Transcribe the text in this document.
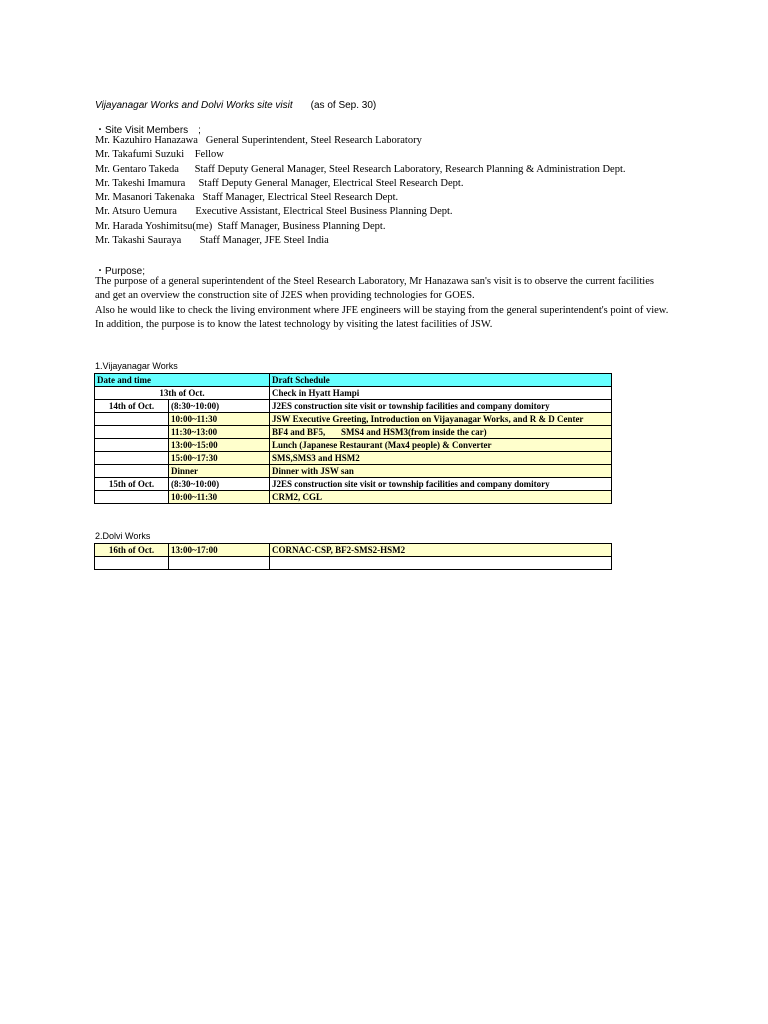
Vijayanagar Works and Dolvi Works site visit (as of Sep. 30)
・Site Visit Members　;
Mr. Kazuhiro Hanazawa   General Superintendent, Steel Research Laboratory
Mr. Takafumi Suzuki    Fellow
Mr. Gentaro Takeda      Staff Deputy General Manager, Steel Research Laboratory, Research Planning & Administration Dept.
Mr. Takeshi Imamura     Staff Deputy General Manager, Electrical Steel Research Dept.
Mr. Masanori Takenaka   Staff Manager, Electrical Steel Research Dept.
Mr. Atsuro Uemura       Executive Assistant, Electrical Steel Business Planning Dept.
Mr. Harada Yoshimitsu(me)  Staff Manager, Business Planning Dept.
Mr. Takashi Sauraya       Staff Manager, JFE Steel India
・Purpose;
The purpose of a general superintendent of the Steel Research Laboratory, Mr Hanazawa san's visit is to observe the current facilities
and get an overview the construction site of J2ES when providing technologies for GOES.
Also he would like to check the living environment where JFE engineers will be staying from the general superintendent's point of view.
In addition, the purpose is to know the latest technology by visiting the latest facilities of JSW.
1.Vijayanagar Works
Date and time		Draft Schedule
13th of Oct.		Check in Hyatt Hampi
14th of Oct.	(8:30~10:00)	J2ES construction site visit or township facilities and company domitory
	10:00~11:30	JSW Executive Greeting, Introduction on Vijayanagar Works, and R & D Center
	11:30~13:00	BF4 and BF5,       SMS4 and HSM3(from inside the car)
	13:00~15:00	Lunch (Japanese Restaurant (Max4 people) & Converter
	15:00~17:30	SMS,SMS3 and HSM2
	Dinner	Dinner with JSW san
15th of Oct.	(8:30~10:00)	J2ES construction site visit or township facilities and company domitory
	10:00~11:30	CRM2, CGL
2.Dolvi Works
16th of Oct.	13:00~17:00	CORNAC-CSP, BF2-SMS2-HSM2
